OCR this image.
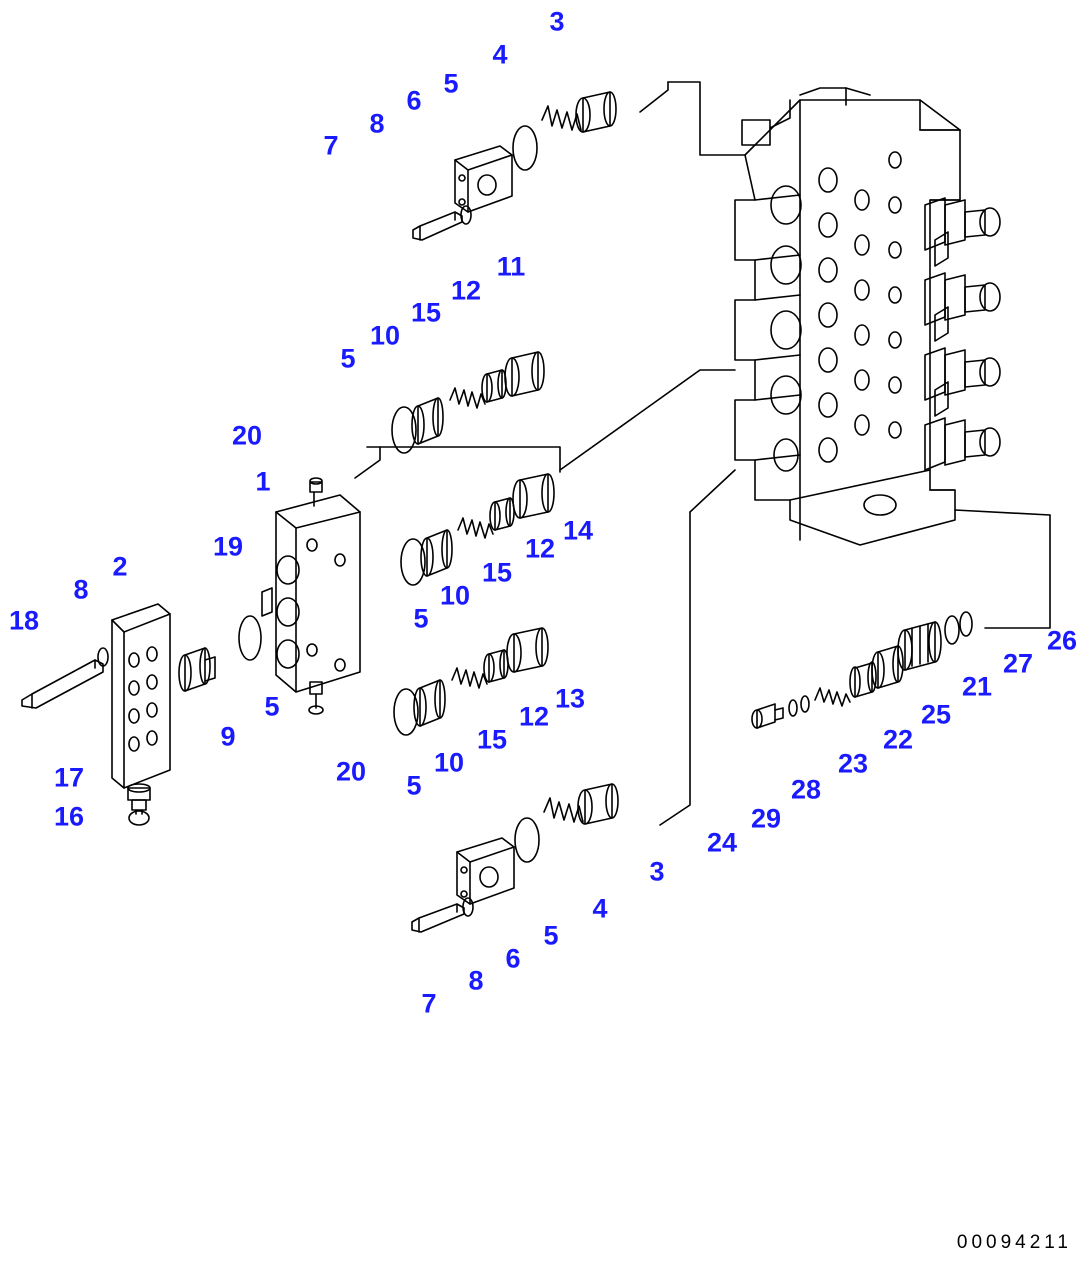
3
4
5
6
8
7
11
12
15
10
5
20
1
19
2
8
18
14
12
15
10
5
9
5
20
17
16
13
12
15
10
5
3
4
5
6
8
7
26
27
21
25
22
23
28
29
24
00094211
